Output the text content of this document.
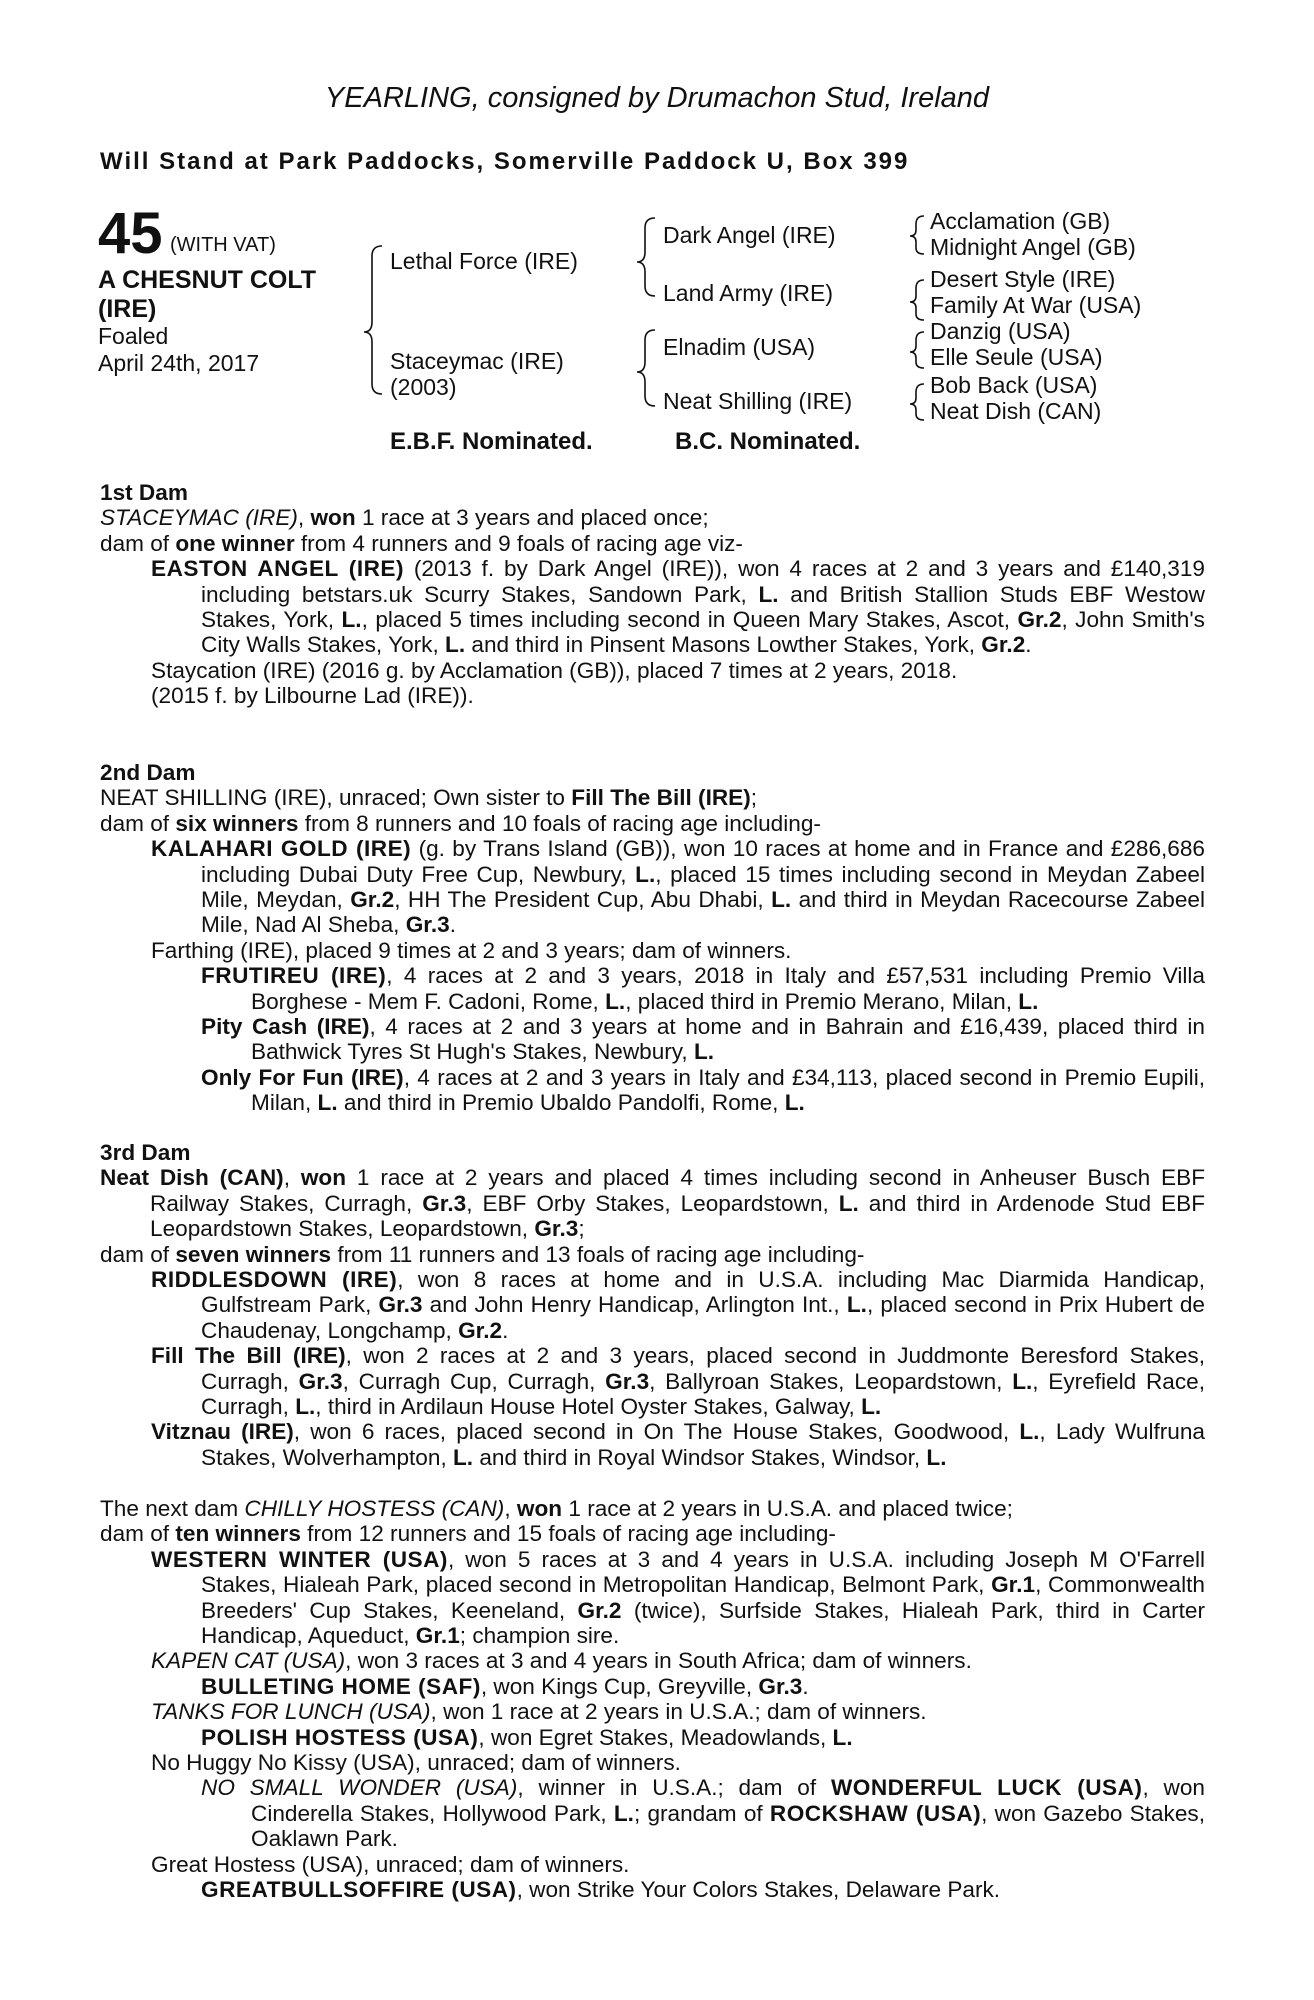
YEARLING, consigned by Drumachon Stud, Ireland
Will Stand at Park Paddocks, Somerville Paddock U, Box 399
45 (WITH VAT)
A CHESNUT COLT (IRE)
Foaled
April 24th, 2017
Lethal Force (IRE)
Staceymac (IRE)
(2003)
Dark Angel (IRE)
Land Army (IRE)
Elnadim (USA)
Neat Shilling (IRE)
Acclamation (GB)
Midnight Angel (GB)
Desert Style (IRE)
Family At War (USA)
Danzig (USA)
Elle Seule (USA)
Bob Back (USA)
Neat Dish (CAN)
E.B.F. Nominated.	B.C. Nominated.

1st Dam

STACEYMAC (IRE), won 1 race at 3 years and placed once;

dam of one winner from 4 runners and 9 foals of racing age viz-

EASTON ANGEL (IRE) (2013 f. by Dark Angel (IRE)), won 4 races at 2 and 3 years and £140,319 including betstars.uk Scurry Stakes, Sandown Park, L. and British Stallion Studs EBF Westow Stakes, York, L., placed 5 times including second in Queen Mary Stakes, Ascot, Gr.2, John Smith's City Walls Stakes, York, L. and third in Pinsent Masons Lowther Stakes, York, Gr.2.

Staycation (IRE) (2016 g. by Acclamation (GB)), placed 7 times at 2 years, 2018.

(2015 f. by Lilbourne Lad (IRE)).

2nd Dam

NEAT SHILLING (IRE), unraced; Own sister to Fill The Bill (IRE);

dam of six winners from 8 runners and 10 foals of racing age including-

KALAHARI GOLD (IRE) (g. by Trans Island (GB)), won 10 races at home and in France and £286,686 including Dubai Duty Free Cup, Newbury, L., placed 15 times including second in Meydan Zabeel Mile, Meydan, Gr.2, HH The President Cup, Abu Dhabi, L. and third in Meydan Racecourse Zabeel Mile, Nad Al Sheba, Gr.3.

Farthing (IRE), placed 9 times at 2 and 3 years; dam of winners.

FRUTIREU (IRE), 4 races at 2 and 3 years, 2018 in Italy and £57,531 including Premio Villa Borghese - Mem F. Cadoni, Rome, L., placed third in Premio Merano, Milan, L.

Pity Cash (IRE), 4 races at 2 and 3 years at home and in Bahrain and £16,439, placed third in Bathwick Tyres St Hugh's Stakes, Newbury, L.

Only For Fun (IRE), 4 races at 2 and 3 years in Italy and £34,113, placed second in Premio Eupili, Milan, L. and third in Premio Ubaldo Pandolfi, Rome, L.

3rd Dam

Neat Dish (CAN), won 1 race at 2 years and placed 4 times including second in Anheuser Busch EBF Railway Stakes, Curragh, Gr.3, EBF Orby Stakes, Leopardstown, L. and third in Ardenode Stud EBF Leopardstown Stakes, Leopardstown, Gr.3;

dam of seven winners from 11 runners and 13 foals of racing age including-

RIDDLESDOWN (IRE), won 8 races at home and in U.S.A. including Mac Diarmida Handicap, Gulfstream Park, Gr.3 and John Henry Handicap, Arlington Int., L., placed second in Prix Hubert de Chaudenay, Longchamp, Gr.2.

Fill The Bill (IRE), won 2 races at 2 and 3 years, placed second in Juddmonte Beresford Stakes, Curragh, Gr.3, Curragh Cup, Curragh, Gr.3, Ballyroan Stakes, Leopardstown, L., Eyrefield Race, Curragh, L., third in Ardilaun House Hotel Oyster Stakes, Galway, L.

Vitznau (IRE), won 6 races, placed second in On The House Stakes, Goodwood, L., Lady Wulfruna Stakes, Wolverhampton, L. and third in Royal Windsor Stakes, Windsor, L.

The next dam CHILLY HOSTESS (CAN), won 1 race at 2 years in U.S.A. and placed twice;

dam of ten winners from 12 runners and 15 foals of racing age including-

WESTERN WINTER (USA), won 5 races at 3 and 4 years in U.S.A. including Joseph M O'Farrell Stakes, Hialeah Park, placed second in Metropolitan Handicap, Belmont Park, Gr.1, Commonwealth Breeders' Cup Stakes, Keeneland, Gr.2 (twice), Surfside Stakes, Hialeah Park, third in Carter Handicap, Aqueduct, Gr.1; champion sire.

KAPEN CAT (USA), won 3 races at 3 and 4 years in South Africa; dam of winners.

BULLETING HOME (SAF), won Kings Cup, Greyville, Gr.3.

TANKS FOR LUNCH (USA), won 1 race at 2 years in U.S.A.; dam of winners.

POLISH HOSTESS (USA), won Egret Stakes, Meadowlands, L.

No Huggy No Kissy (USA), unraced; dam of winners.

NO SMALL WONDER (USA), winner in U.S.A.; dam of WONDERFUL LUCK (USA), won Cinderella Stakes, Hollywood Park, L.; grandam of ROCKSHAW (USA), won Gazebo Stakes, Oaklawn Park.

Great Hostess (USA), unraced; dam of winners.

GREATBULLSOFFIRE (USA), won Strike Your Colors Stakes, Delaware Park.
